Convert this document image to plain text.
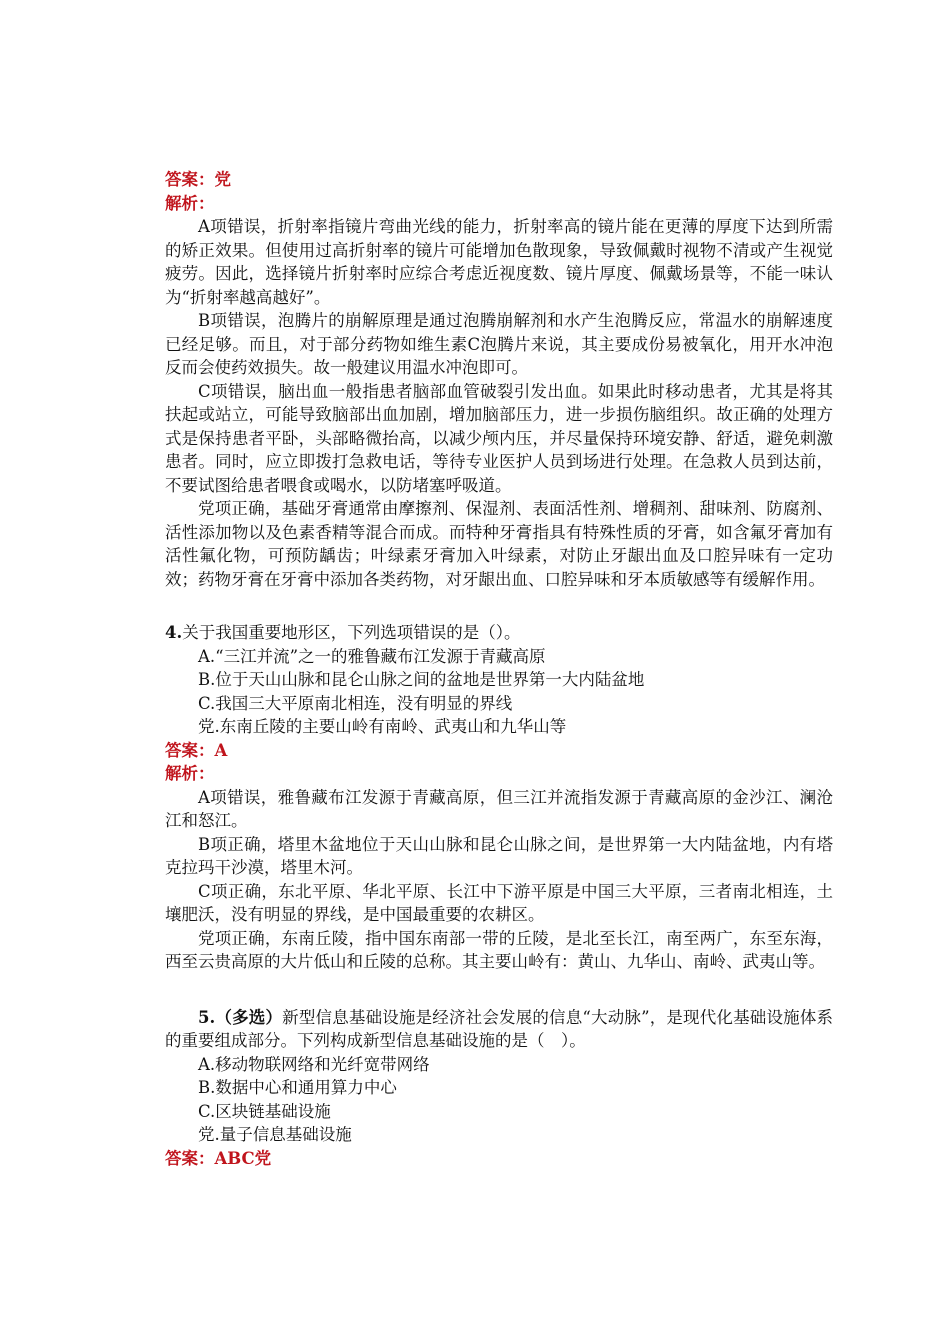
答案：党

解析：

A项错误，折射率指镜片弯曲光线的能力，折射率高的镜片能在更薄的厚度下达到所需的矫正效果。但使用过高折射率的镜片可能增加色散现象，导致佩戴时视物不清或产生视觉疲劳。因此，选择镜片折射率时应综合考虑近视度数、镜片厚度、佩戴场景等，不能一味认为“折射率越高越好”。

B项错误，泡腾片的崩解原理是通过泡腾崩解剂和水产生泡腾反应，常温水的崩解速度已经足够。而且，对于部分药物如维生素C泡腾片来说，其主要成份易被氧化，用开水冲泡反而会使药效损失。故一般建议用温水冲泡即可。

C项错误，脑出血一般指患者脑部血管破裂引发出血。如果此时移动患者，尤其是将其扶起或站立，可能导致脑部出血加剧，增加脑部压力，进一步损伤脑组织。故正确的处理方式是保持患者平卧，头部略微抬高，以减少颅内压，并尽量保持环境安静、舒适，避免刺激患者。同时，应立即拨打急救电话，等待专业医护人员到场进行处理。在急救人员到达前，不要试图给患者喂食或喝水，以防堵塞呼吸道。

党项正确，基础牙膏通常由摩擦剂、保湿剂、表面活性剂、增稠剂、甜味剂、防腐剂、活性添加物以及色素香精等混合而成。而特种牙膏指具有特殊性质的牙膏，如含氟牙膏加有活性氟化物，可预防龋齿；叶绿素牙膏加入叶绿素，对防止牙龈出血及口腔异味有一定功效；药物牙膏在牙膏中添加各类药物，对牙龈出血、口腔异味和牙本质敏感等有缓解作用。

4.关于我国重要地形区，下列选项错误的是（）。

A.“三江并流”之一的雅鲁藏布江发源于青藏高原

B.位于天山山脉和昆仑山脉之间的盆地是世界第一大内陆盆地

C.我国三大平原南北相连，没有明显的界线

党.东南丘陵的主要山岭有南岭、武夷山和九华山等

答案：A

解析：

A项错误，雅鲁藏布江发源于青藏高原，但三江并流指发源于青藏高原的金沙江、澜沧江和怒江。

B项正确，塔里木盆地位于天山山脉和昆仑山脉之间，是世界第一大内陆盆地，内有塔克拉玛干沙漠，塔里木河。

C项正确，东北平原、华北平原、长江中下游平原是中国三大平原，三者南北相连，土壤肥沃，没有明显的界线，是中国最重要的农耕区。

党项正确，东南丘陵，指中国东南部一带的丘陵，是北至长江，南至两广，东至东海，西至云贵高原的大片低山和丘陵的总称。其主要山岭有：黄山、九华山、南岭、武夷山等。

5.（多选）新型信息基础设施是经济社会发展的信息“大动脉”，是现代化基础设施体系的重要组成部分。下列构成新型信息基础设施的是（　）。

A.移动物联网络和光纤宽带网络

B.数据中心和通用算力中心

C.区块链基础设施

党.量子信息基础设施

答案：ABC党
